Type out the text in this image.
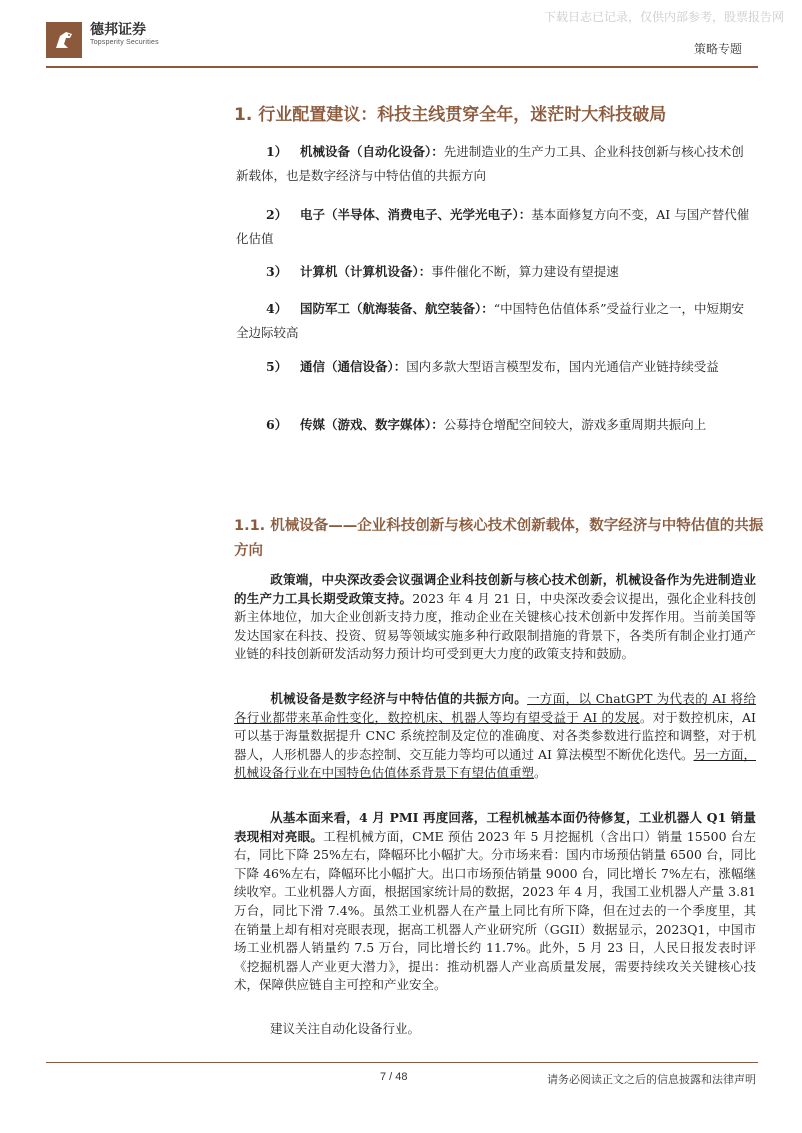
德邦证券
Topsperity Securities
下载日志已记录，仅供内部参考，股票报告网
策略专题
1. 行业配置建议：科技主线贯穿全年，迷茫时大科技破局
1） 机械设备（自动化设备）：先进制造业的生产力工具、企业科技创新与核心技术创新载体，也是数字经济与中特估值的共振方向
2） 电子（半导体、消费电子、光学光电子）：基本面修复方向不变，AI 与国产替代催化估值
3） 计算机（计算机设备）：事件催化不断，算力建设有望提速
4） 国防军工（航海装备、航空装备）：“中国特色估值体系”受益行业之一，中短期安全边际较高
5） 通信（通信设备）：国内多款大型语言模型发布，国内光通信产业链持续受益
6） 传媒（游戏、数字媒体）：公募持仓增配空间较大，游戏多重周期共振向上
1.1. 机械设备——企业科技创新与核心技术创新载体，数字经济与中特估值的共振方向
政策端，中央深改委会议强调企业科技创新与核心技术创新，机械设备作为先进制造业的生产力工具长期受政策支持。2023 年 4 月 21 日，中央深改委会议提出，强化企业科技创新主体地位，加大企业创新支持力度，推动企业在关键核心技术创新中发挥作用。当前美国等发达国家在科技、投资、贸易等领域实施多种行政限制措施的背景下，各类所有制企业打通产业链的科技创新研发活动努力预计均可受到更大力度的政策支持和鼓励。
机械设备是数字经济与中特估值的共振方向。一方面，以 ChatGPT 为代表的 AI 将给各行业都带来革命性变化，数控机床、机器人等均有望受益于 AI 的发展。对于数控机床，AI 可以基于海量数据提升 CNC 系统控制及定位的准确度、对各类参数进行监控和调整，对于机器人，人形机器人的步态控制、交互能力等均可以通过 AI 算法模型不断优化迭代。另一方面，机械设备行业在中国特色估值体系背景下有望估值重塑。
从基本面来看，4 月 PMI 再度回落，工程机械基本面仍待修复，工业机器人 Q1 销量表现相对亮眼。工程机械方面，CME 预估 2023 年 5 月挖掘机（含出口）销量 15500 台左右，同比下降 25%左右，降幅环比小幅扩大。分市场来看：国内市场预估销量 6500 台，同比下降 46%左右，降幅环比小幅扩大。出口市场预估销量 9000 台，同比增长 7%左右，涨幅继续收窄。工业机器人方面，根据国家统计局的数据，2023 年 4 月，我国工业机器人产量 3.81 万台，同比下滑 7.4%。虽然工业机器人在产量上同比有所下降，但在过去的一个季度里，其在销量上却有相对亮眼表现，据高工机器人产业研究所（GGII）数据显示，2023Q1，中国市场工业机器人销量约 7.5 万台，同比增长约 11.7%。此外，5 月 23 日，人民日报发表时评《挖掘机器人产业更大潜力》，提出：推动机器人产业高质量发展，需要持续攻关关键核心技术，保障供应链自主可控和产业安全。
建议关注自动化设备行业。
7 / 48	请务必阅读正文之后的信息披露和法律声明
